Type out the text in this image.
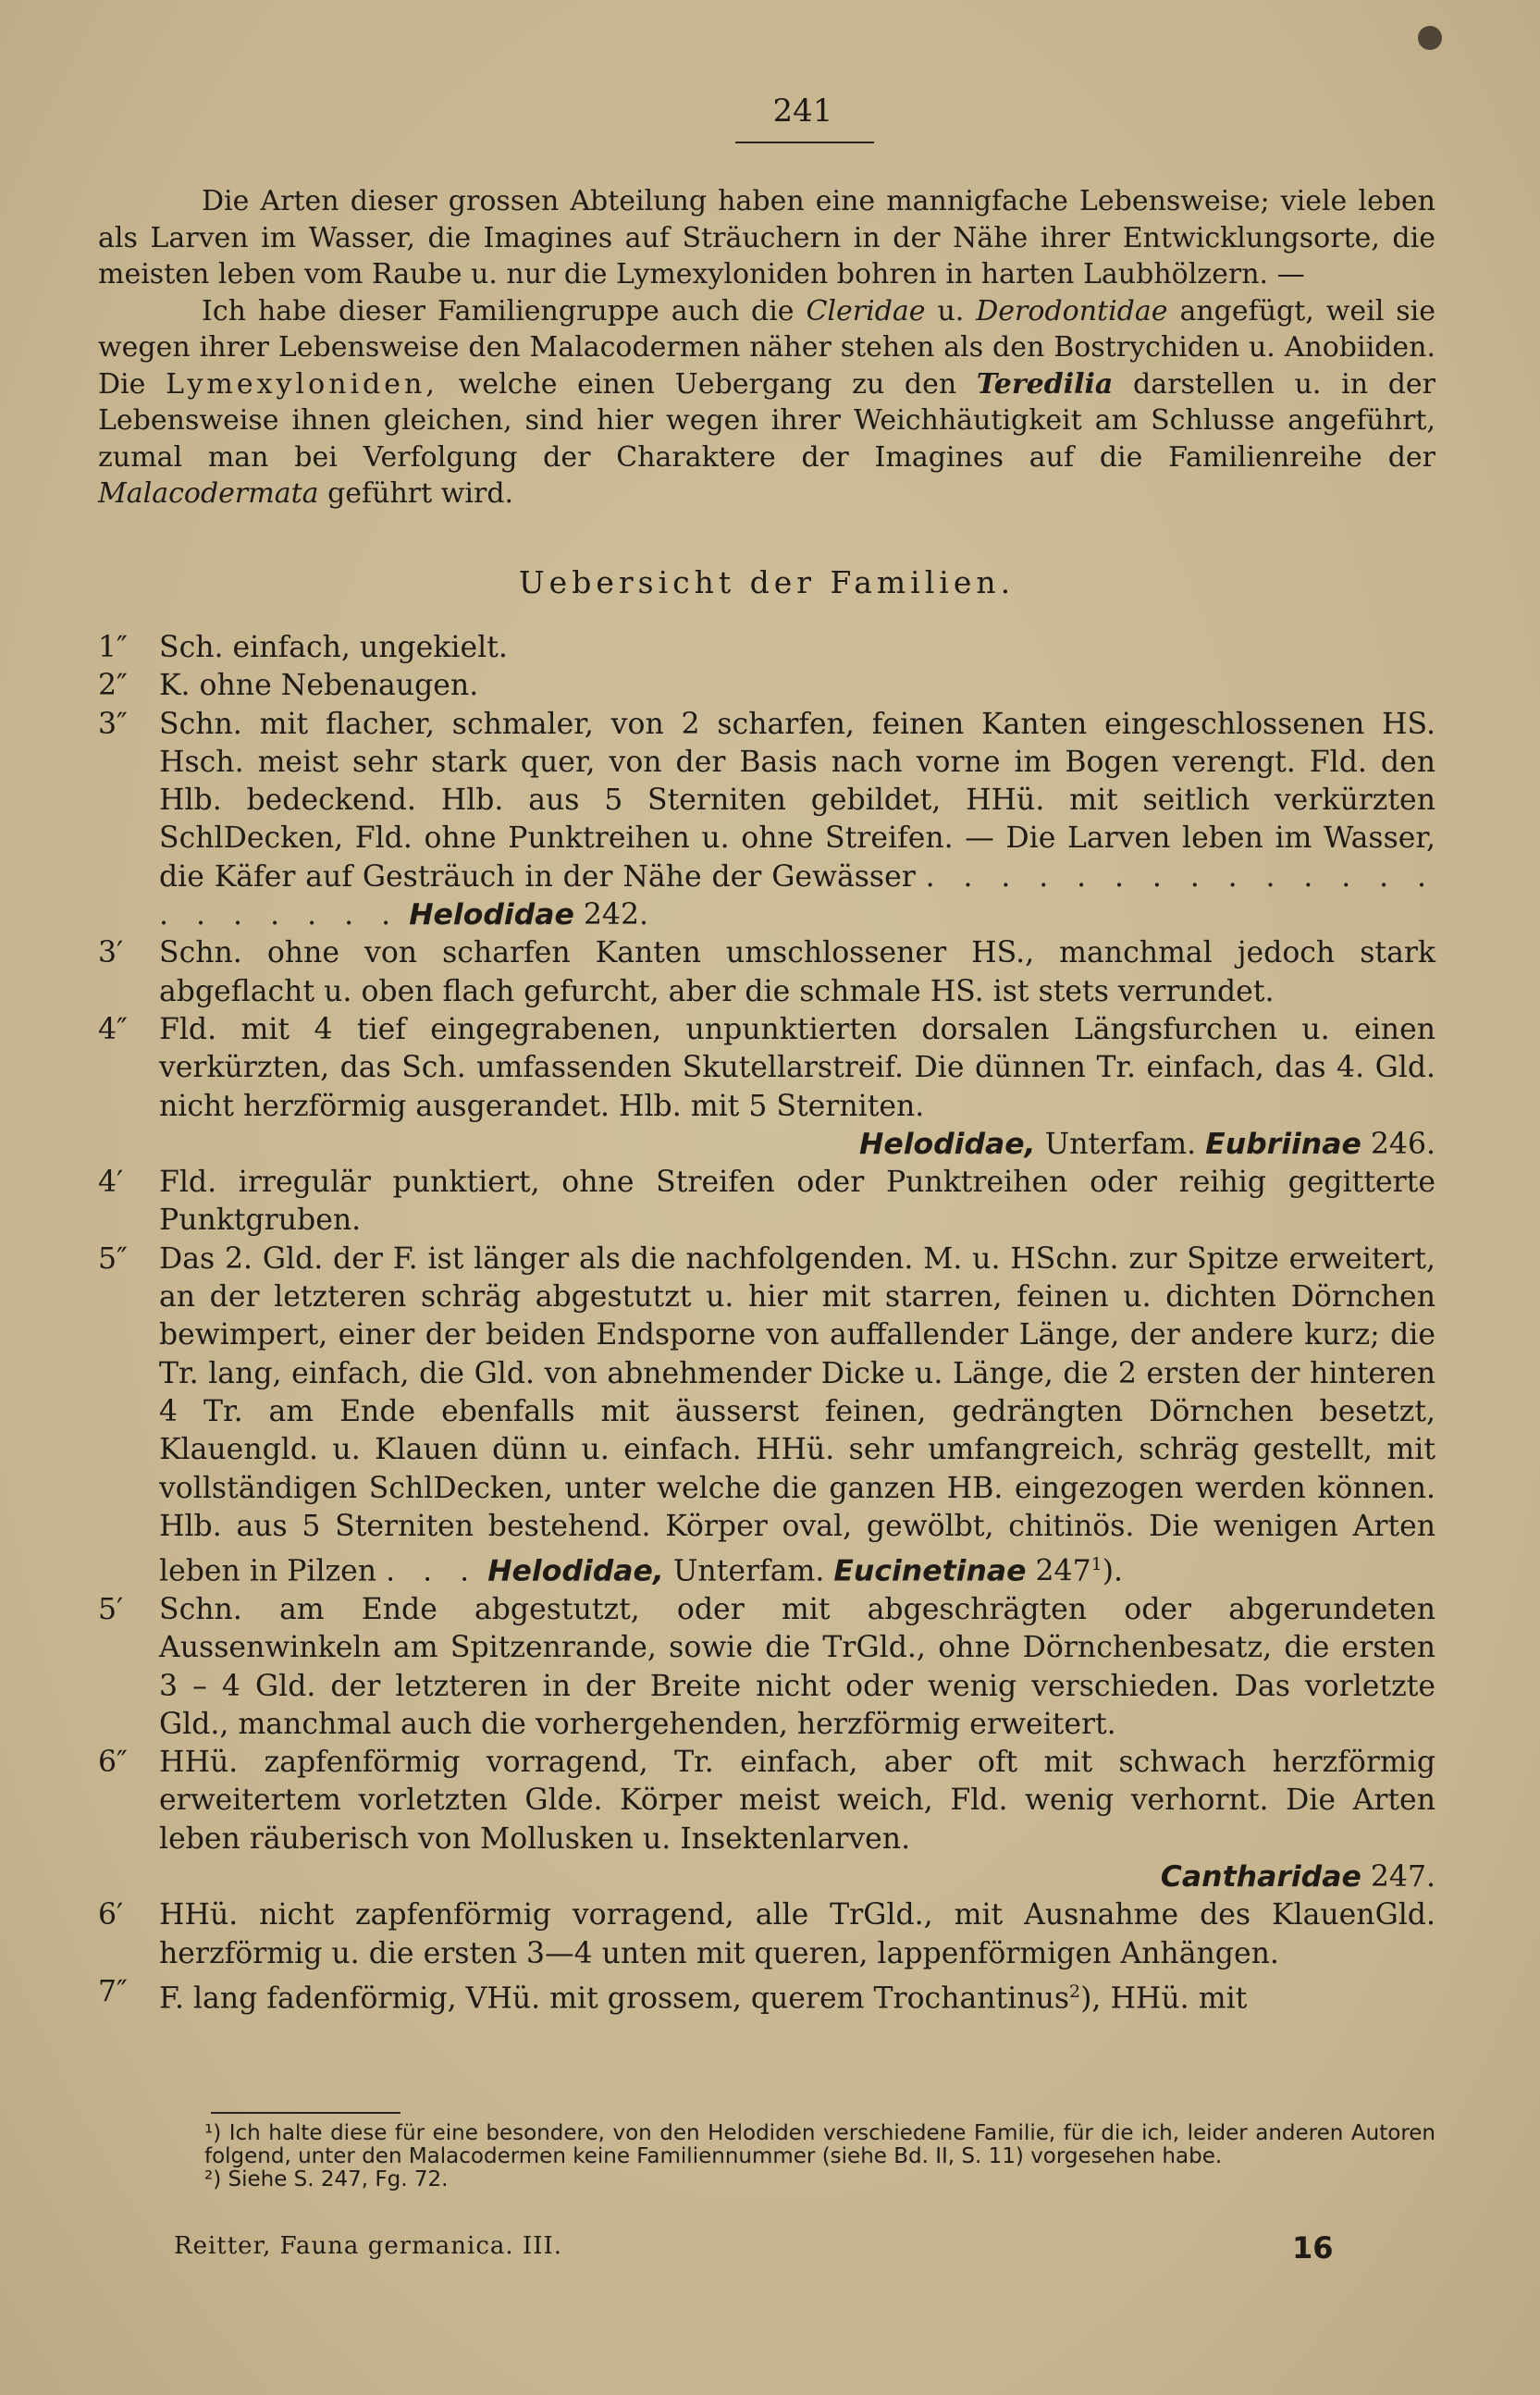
241

Die Arten dieser grossen Abteilung haben eine mannigfache Lebensweise; viele leben als Larven im Wasser, die Imagines auf Sträuchern in der Nähe ihrer Entwicklungsorte, die meisten leben vom Raube u. nur die Lymexyloniden bohren in harten Laubhölzern. —

Ich habe dieser Familiengruppe auch die Cleridae u. Derodontidae angefügt, weil sie wegen ihrer Lebensweise den Malacodermen näher stehen als den Bostrychiden u. Anobiiden. Die Lymexyloniden, welche einen Uebergang zu den Teredilia darstellen u. in der Lebensweise ihnen gleichen, sind hier wegen ihrer Weichhäutigkeit am Schlusse angeführt, zumal man bei Verfolgung der Charaktere der Imagines auf die Familienreihe der Malacodermata geführt wird.

Uebersicht der Familien.
1″ Sch. einfach, ungekielt.
2″ K. ohne Nebenaugen.
3″ Schn. mit flacher, schmaler, von 2 scharfen, feinen Kanten eingeschlossenen HS. Hsch. meist sehr stark quer, von der Basis nach vorne im Bogen verengt. Fld. den Hlb. bedeckend. Hlb. aus 5 Sterniten gebildet, HHü. mit seitlich verkürzten SchlDecken, Fld. ohne Punktreihen u. ohne Streifen. — Die Larven leben im Wasser, die Käfer auf Gesträuch in der Nähe der Gewässer . . . . . . . . . . . . . . . . . . . . . Helodidae 242.
3′ Schn. ohne von scharfen Kanten umschlossener HS., manchmal jedoch stark abgeflacht u. oben flach gefurcht, aber die schmale HS. ist stets verrundet.
4″ Fld. mit 4 tief eingegrabenen, unpunktierten dorsalen Längsfurchen u. einen verkürzten, das Sch. umfassenden Skutellarstreif. Die dünnen Tr. einfach, das 4. Gld. nicht herzförmig ausgerandet. Hlb. mit 5 Sterniten.
Helodidae, Unterfam. Eubriinae 246.
4′ Fld. irregulär punktiert, ohne Streifen oder Punktreihen oder reihig gegitterte Punktgruben.
5″ Das 2. Gld. der F. ist länger als die nachfolgenden. M. u. HSchn. zur Spitze erweitert, an der letzteren schräg abgestutzt u. hier mit starren, feinen u. dichten Dörnchen bewimpert, einer der beiden Endsporne von auffallender Länge, der andere kurz; die Tr. lang, einfach, die Gld. von abnehmender Dicke u. Länge, die 2 ersten der hinteren 4 Tr. am Ende ebenfalls mit äusserst feinen, gedrängten Dörnchen besetzt, Klauengld. u. Klauen dünn u. einfach. HHü. sehr umfangreich, schräg gestellt, mit vollständigen SchlDecken, unter welche die ganzen HB. eingezogen werden können. Hlb. aus 5 Sterniten bestehend. Körper oval, gewölbt, chitinös. Die wenigen Arten leben in Pilzen . . . Helodidae, Unterfam. Eucinetinae $247^1$).
5′ Schn. am Ende abgestutzt, oder mit abgeschrägten oder abgerundeten Aussenwinkeln am Spitzenrande, sowie die TrGld., ohne Dörnchenbesatz, die ersten 3 – 4 Gld. der letzteren in der Breite nicht oder wenig verschieden. Das vorletzte Gld., manchmal auch die vorhergehenden, herzförmig erweitert.
6″ HHü. zapfenförmig vorragend, Tr. einfach, aber oft mit schwach herzförmig erweitertem vorletzten Glde. Körper meist weich, Fld. wenig verhornt. Die Arten leben räuberisch von Mollusken u. Insektenlarven.
Cantharidae 247.
6′ HHü. nicht zapfenförmig vorragend, alle TrGld., mit Ausnahme des KlauenGld. herzförmig u. die ersten 3—4 unten mit queren, lappenförmigen Anhängen.
7″ F. lang fadenförmig, VHü. mit grossem, querem Trochantinus$^2$), HHü. mit

¹) Ich halte diese für eine besondere, von den Helodiden verschiedene Familie, für die ich, leider anderen Autoren folgend, unter den Malacodermen keine Familiennummer (siehe Bd. II, S. 11) vorgesehen habe.

²) Siehe S. 247, Fg. 72.

Reitter, Fauna germanica. III.	16
